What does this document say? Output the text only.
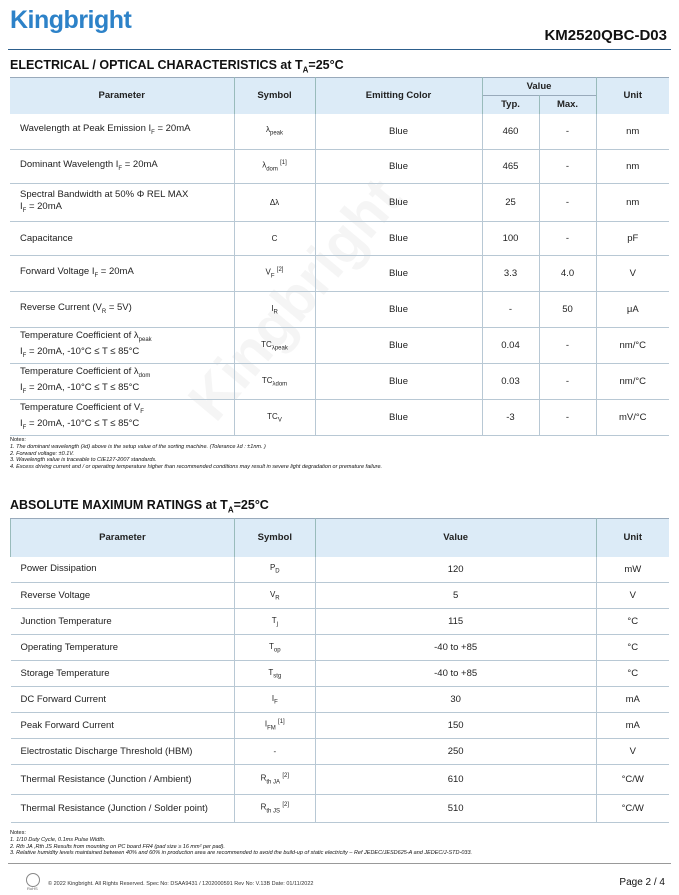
Kingbright
KM2520QBC-D03
ELECTRICAL / OPTICAL CHARACTERISTICS at $T_A=25^\circ C$
Parameter	Symbol	Emitting Color	Value		Unit
			Typ.	Max.	
Wavelength at Peak Emission $I_F = 20mA$	$\lambda_{peak}$	Blue	460	-	nm
Dominant Wavelength $I_F = 20mA$	$\lambda_{dom}$ [1]	Blue	465	-	nm
Spectral Bandwidth at 50% Φ REL MAX
$I_F = 20mA$	Δλ	Blue	25	-	nm
Capacitance	C	Blue	100	-	pF
Forward Voltage $I_F = 20mA$	$V_F$ [2]	Blue	3.3	4.0	V
Reverse Current $(V_R = 5V)$	$I_R$	Blue	-	50	μA
Temperature Coefficient of $\lambda_{peak}$
$I_F = 20mA$, -10°C ≤ T ≤ 85°C	$TC_{\lambda peak}$	Blue	0.04	-	nm/°C
Temperature Coefficient of $\lambda_{dom}$
$I_F = 20mA$, -10°C ≤ T ≤ 85°C	$TC_{\lambda dom}$	Blue	0.03	-	nm/°C
Temperature Coefficient of $V_F$
$I_F = 20mA$, -10°C ≤ T ≤ 85°C	$TC_V$	Blue	-3	-	mV/°C
Notes:
1. The dominant wavelength (λd) above is the setup value of the sorting machine. (Tolerance λd : ±1nm. )
2. Forward voltage: ±0.1V.
3. Wavelength value is traceable to CIE127-2007 standards.
4. Excess driving current and / or operating temperature higher than recommended conditions may result in severe light degradation or premature failure.
ABSOLUTE MAXIMUM RATINGS at $T_A=25^\circ C$
Parameter	Symbol	Value	Unit
Power Dissipation	$P_D$	120	mW
Reverse Voltage	$V_R$	5	V
Junction Temperature	$T_j$	115	°C
Operating Temperature	$T_{op}$	-40 to +85	°C
Storage Temperature	$T_{stg}$	-40 to +85	°C
DC Forward Current	$I_F$	30	mA
Peak Forward Current	$I_{FM}$ [1]	150	mA
Electrostatic Discharge Threshold (HBM)	-	250	V
Thermal Resistance (Junction / Ambient)	$R_{th JA}$ [2]	610	°C/W
Thermal Resistance (Junction / Solder point)	$R_{th JS}$ [2]	510	°C/W
Notes:
1. 1/10 Duty Cycle, 0.1ms Pulse Width.
2. Rth JA ,Rth JS Results from mounting on PC board FR4 (pad size ≥ 16 mm² per pad).
3. Relative humidity levels maintained between 40% and 60% in production area are recommended to avoid the build-up of static electricity – Ref JEDEC/JESD625-A and JEDEC/J-STD-033.
RoHS
© 2022 Kingbright. All Rights Reserved. Spec No: DSAA9431 / 1202000591 Rev No: V.13B Date: 01/11/2022	Page 2 / 4
